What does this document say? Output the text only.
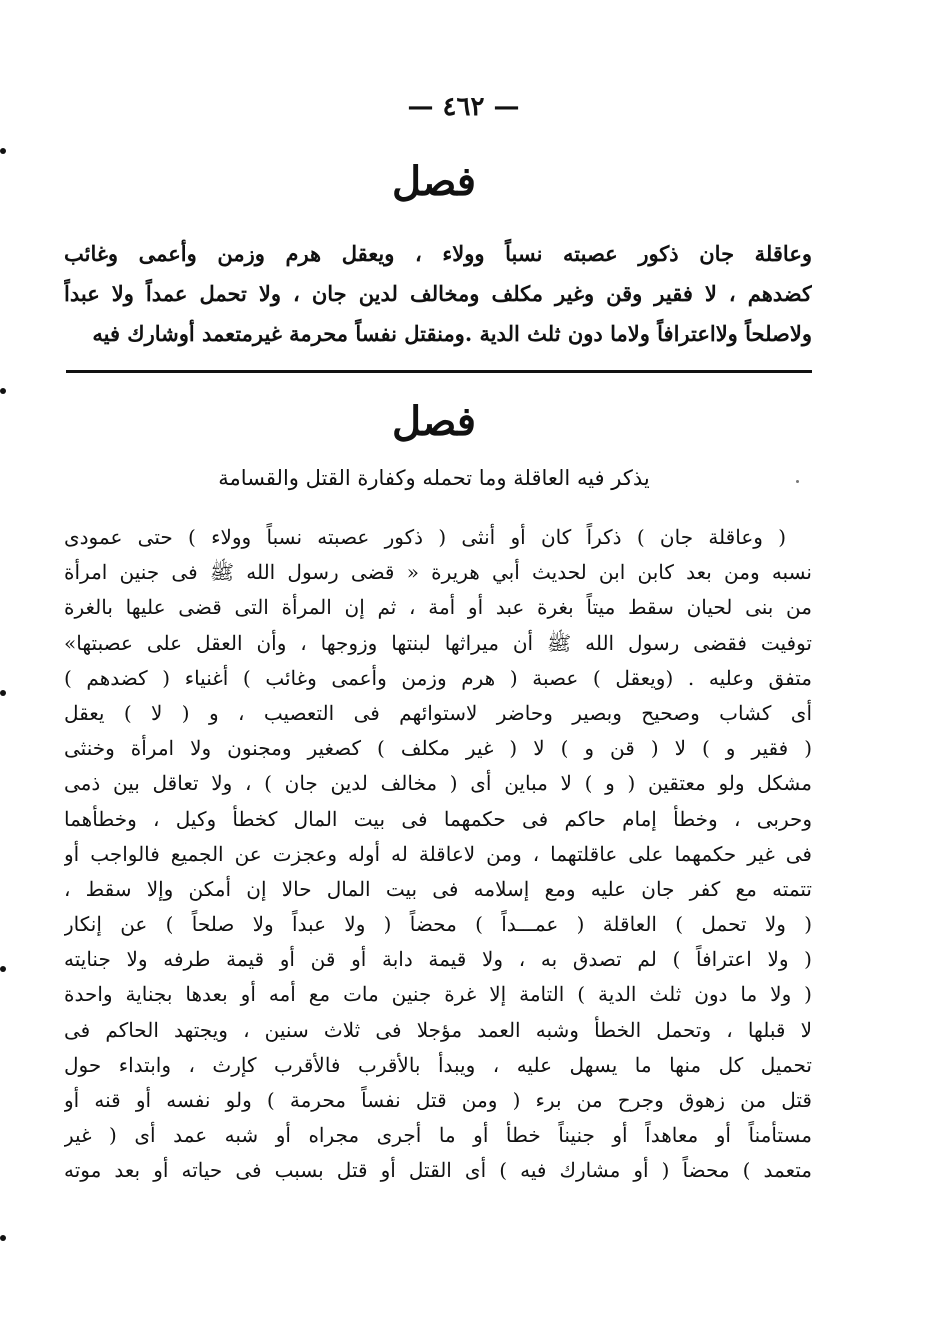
— ٤٦٢ —
فصل
وعاقلة جان ذكور عصبته نسباً وولاء ، ويعقل هرم وزمن وأعمى وغائب
كضدهم ، لا فقير وقن وغير مكلف ومخالف لدين جان ، ولا تحمل عمداً ولا عبداً
ولاصلحاً ولااعترافاً ولاما دون ثلث الدية .ومنقتل نفساً محرمة غيرمتعمد أوشارك فيه
فصل
يذكر فيه العاقلة وما تحمله وكفارة القتل والقسامة
( وعاقلة جان ) ذكراً كان أو أنثى ( ذكور عصبته نسباً وولاء ) حتى عمودى
نسبه ومن بعد كابن ابن لحديث أبي هريرة « قضى رسول الله ﷺ فى جنين امرأة
من بنى لحيان سقط ميتاً بغرة عبد أو أمة ، ثم إن المرأة التى قضى عليها بالغرة
توفيت فقضى رسول الله ﷺ أن ميراثها لبنتها وزوجها ، وأن العقل على عصبتها»
متفق وعليه . (ويعقل ) عصبة ( هرم وزمن وأعمى وغائب ) أغنياء ( كضدهم )
أى كشاب وصحيح وبصير وحاضر لاستوائهم فى التعصيب ، و ( لا ) يعقل
( فقير و ) لا ( قن و ) لا ( غير مكلف ) كصغير ومجنون ولا امرأة وخنثى
مشكل ولو معتقين ( و ) لا مباين أى ( مخالف لدين جان ) ، ولا تعاقل بين ذمى
وحربى ، وخطأ إمام حاكم فى حكمهما فى بيت المال كخطأ وكيل ، وخطأهما
فى غير حكمهما على عاقلتهما ، ومن لاعاقلة له أوله وعجزت عن الجميع فالواجب أو
تتمته مع كفر جان عليه ومع إسلامه فى بيت المال حالا إن أمكن وإلا سقط ،
( ولا تحمل ) العاقلة ( عمـــداً ) محضاً ( ولا عبداً ولا صلحاً ) عن إنكار
( ولا اعترافاً ) لم تصدق به ، ولا قيمة دابة أو قن أو قيمة طرفه ولا جنايته
( ولا ما دون ثلث الدية ) التامة إلا غرة جنين مات مع أمه أو بعدها بجناية واحدة
لا قبلها ، وتحمل الخطأ وشبه العمد مؤجلا فى ثلاث سنين ، ويجتهد الحاكم فى
تحميل كل منها ما يسهل عليه ، ويبدأ بالأقرب فالأقرب كإرث ، وابتداء حول
قتل من زهوق وجرح من برء ( ومن قتل نفساً محرمة ) ولو نفسه أو قنه أو
مستأمناً أو معاهداً أو جنيناً خطأ أو ما أجرى مجراه أو شبه عمد أى ( غير
متعمد ) محضاً ( أو مشارك فيه ) أى القتل أو قتل بسبب فى حياته أو بعد موته
